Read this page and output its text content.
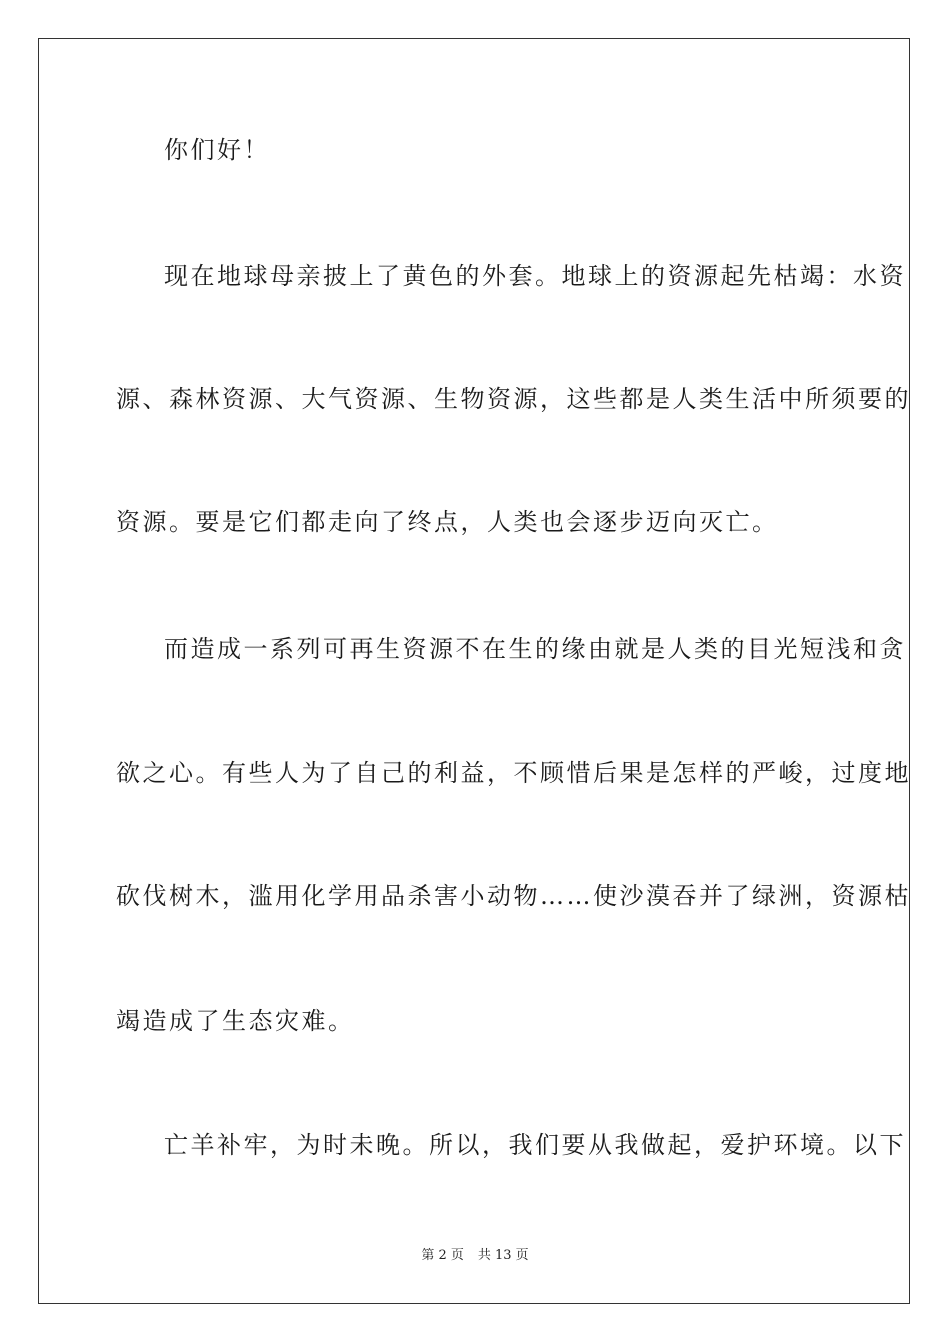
你们好！
现在地球母亲披上了黄色的外套。地球上的资源起先枯竭：水资
源、森林资源、大气资源、生物资源，这些都是人类生活中所须要的
资源。要是它们都走向了终点，人类也会逐步迈向灭亡。
而造成一系列可再生资源不在生的缘由就是人类的目光短浅和贪
欲之心。有些人为了自己的利益，不顾惜后果是怎样的严峻，过度地
砍伐树木，滥用化学用品杀害小动物……使沙漠吞并了绿洲，资源枯
竭造成了生态灾难。
亡羊补牢，为时未晚。所以，我们要从我做起，爱护环境。以下
第 2 页 共 13 页
